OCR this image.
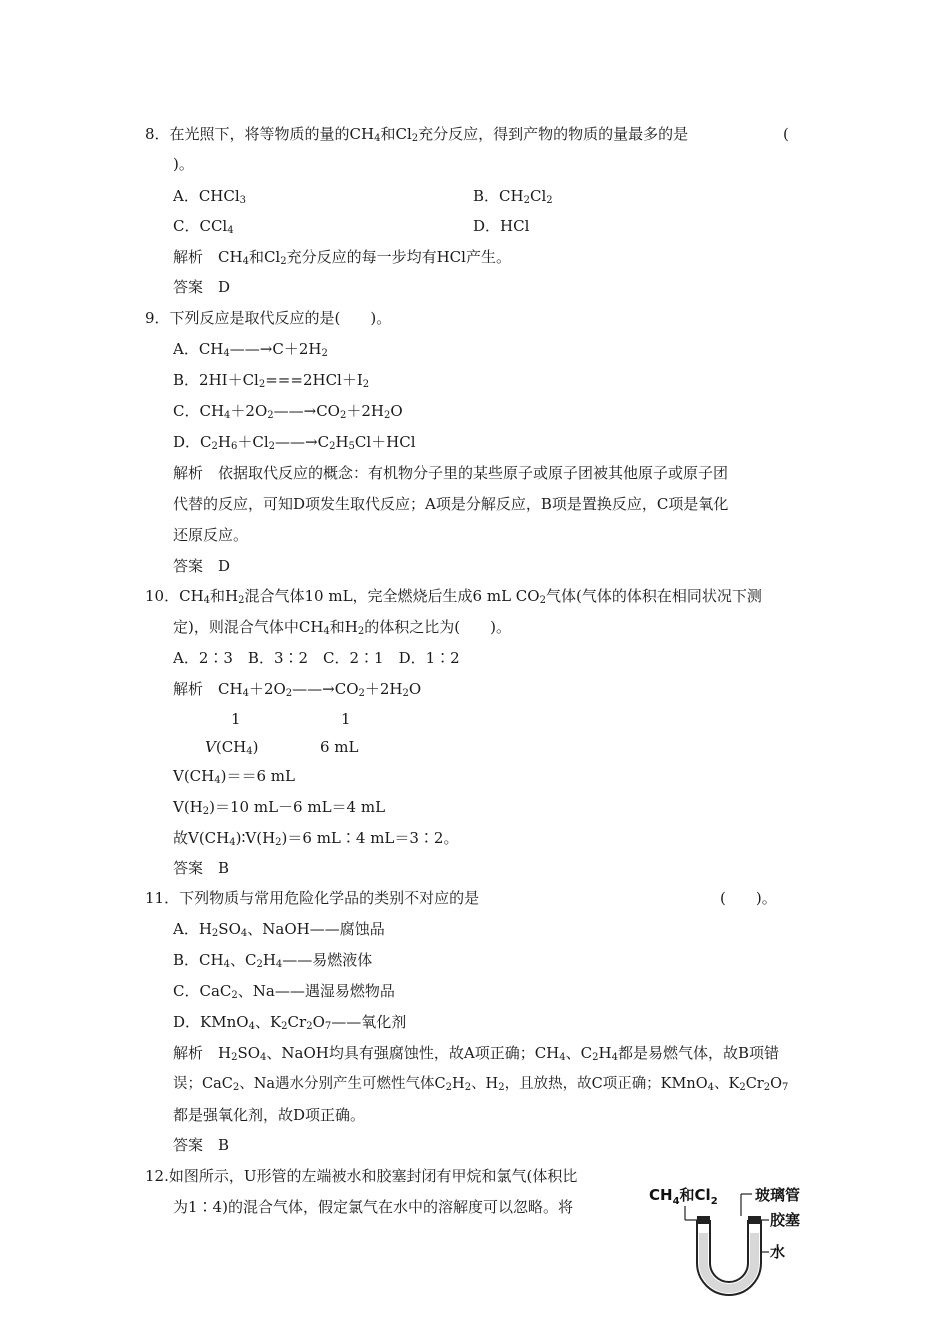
8．在光照下，将等物质的量的$CH_4$和$Cl_2$充分反应，得到产物的物质的量最多的是	(
)。
A．CHCl$_3$	B．$CH_2Cl_2$
C．CCl$_4$	D．HCl
解析　$CH_4$和$Cl_2$充分反应的每一步均有HCl产生。
答案　D
9．下列反应是取代反应的是(　　)。
A．$CH_4——\to C+2H_2$
B．$2HI+Cl_2===2HCl+I_2$
C．$CH_4+2O_2——\to CO_2+2H_2O$
D．$C_2H_6+Cl_2——\to C_2H_5Cl+HCl$
解析　依据取代反应的概念：有机物分子里的某些原子或原子团被其他原子或原子团
代替的反应，可知D项发生取代反应；A项是分解反应，B项是置换反应，C项是氧化
还原反应。
答案　D
10．$CH_4$和$H_2$混合气体10 mL，完全燃烧后生成6 mL $CO_2$气体(气体的体积在相同状况下测
定)，则混合气体中$CH_4$和$H_2$的体积之比为(　　)。
A．2∶3　B．3∶2　C．2∶1　D．1∶2
解析　$CH_4+2O_2——\to CO_2+2H_2O$
1	1
$V(CH_4)$	6 mL
$V(CH_4)==6$ mL
$V(H_2)=10$ mL－6 mL＝4 mL
故$V(CH_4)∶V(H_2)=6$ mL∶4 mL＝3∶2。
答案　B
11．下列物质与常用危险化学品的类别不对应的是	(　　)。
A．$H_2SO_4$、NaOH——腐蚀品
B．$CH_4$、$C_2H_4——$易燃液体
C．CaC$_2$、Na——遇湿易燃物品
D．KMnO$_4$、$K_2Cr_2O_7——$氧化剂
解析　$H_2SO_4$、NaOH均具有强腐蚀性，故A项正确；$CH_4$、$C_2H_4$都是易燃气体，故B项错
误；CaC$_2$、Na遇水分别产生可燃性气体$C_2H_2$、$H_2$，且放热，故C项正确；KMnO$_4$、$K_2Cr_2O_7$
都是强氧化剂，故D项正确。
答案　B
12.如图所示，U形管的左端被水和胶塞封闭有甲烷和氯气(体积比
为1∶4)的混合气体，假定氯气在水中的溶解度可以忽略。将
$CH_4$和$Cl_2$ 玻璃管
胶塞
水
